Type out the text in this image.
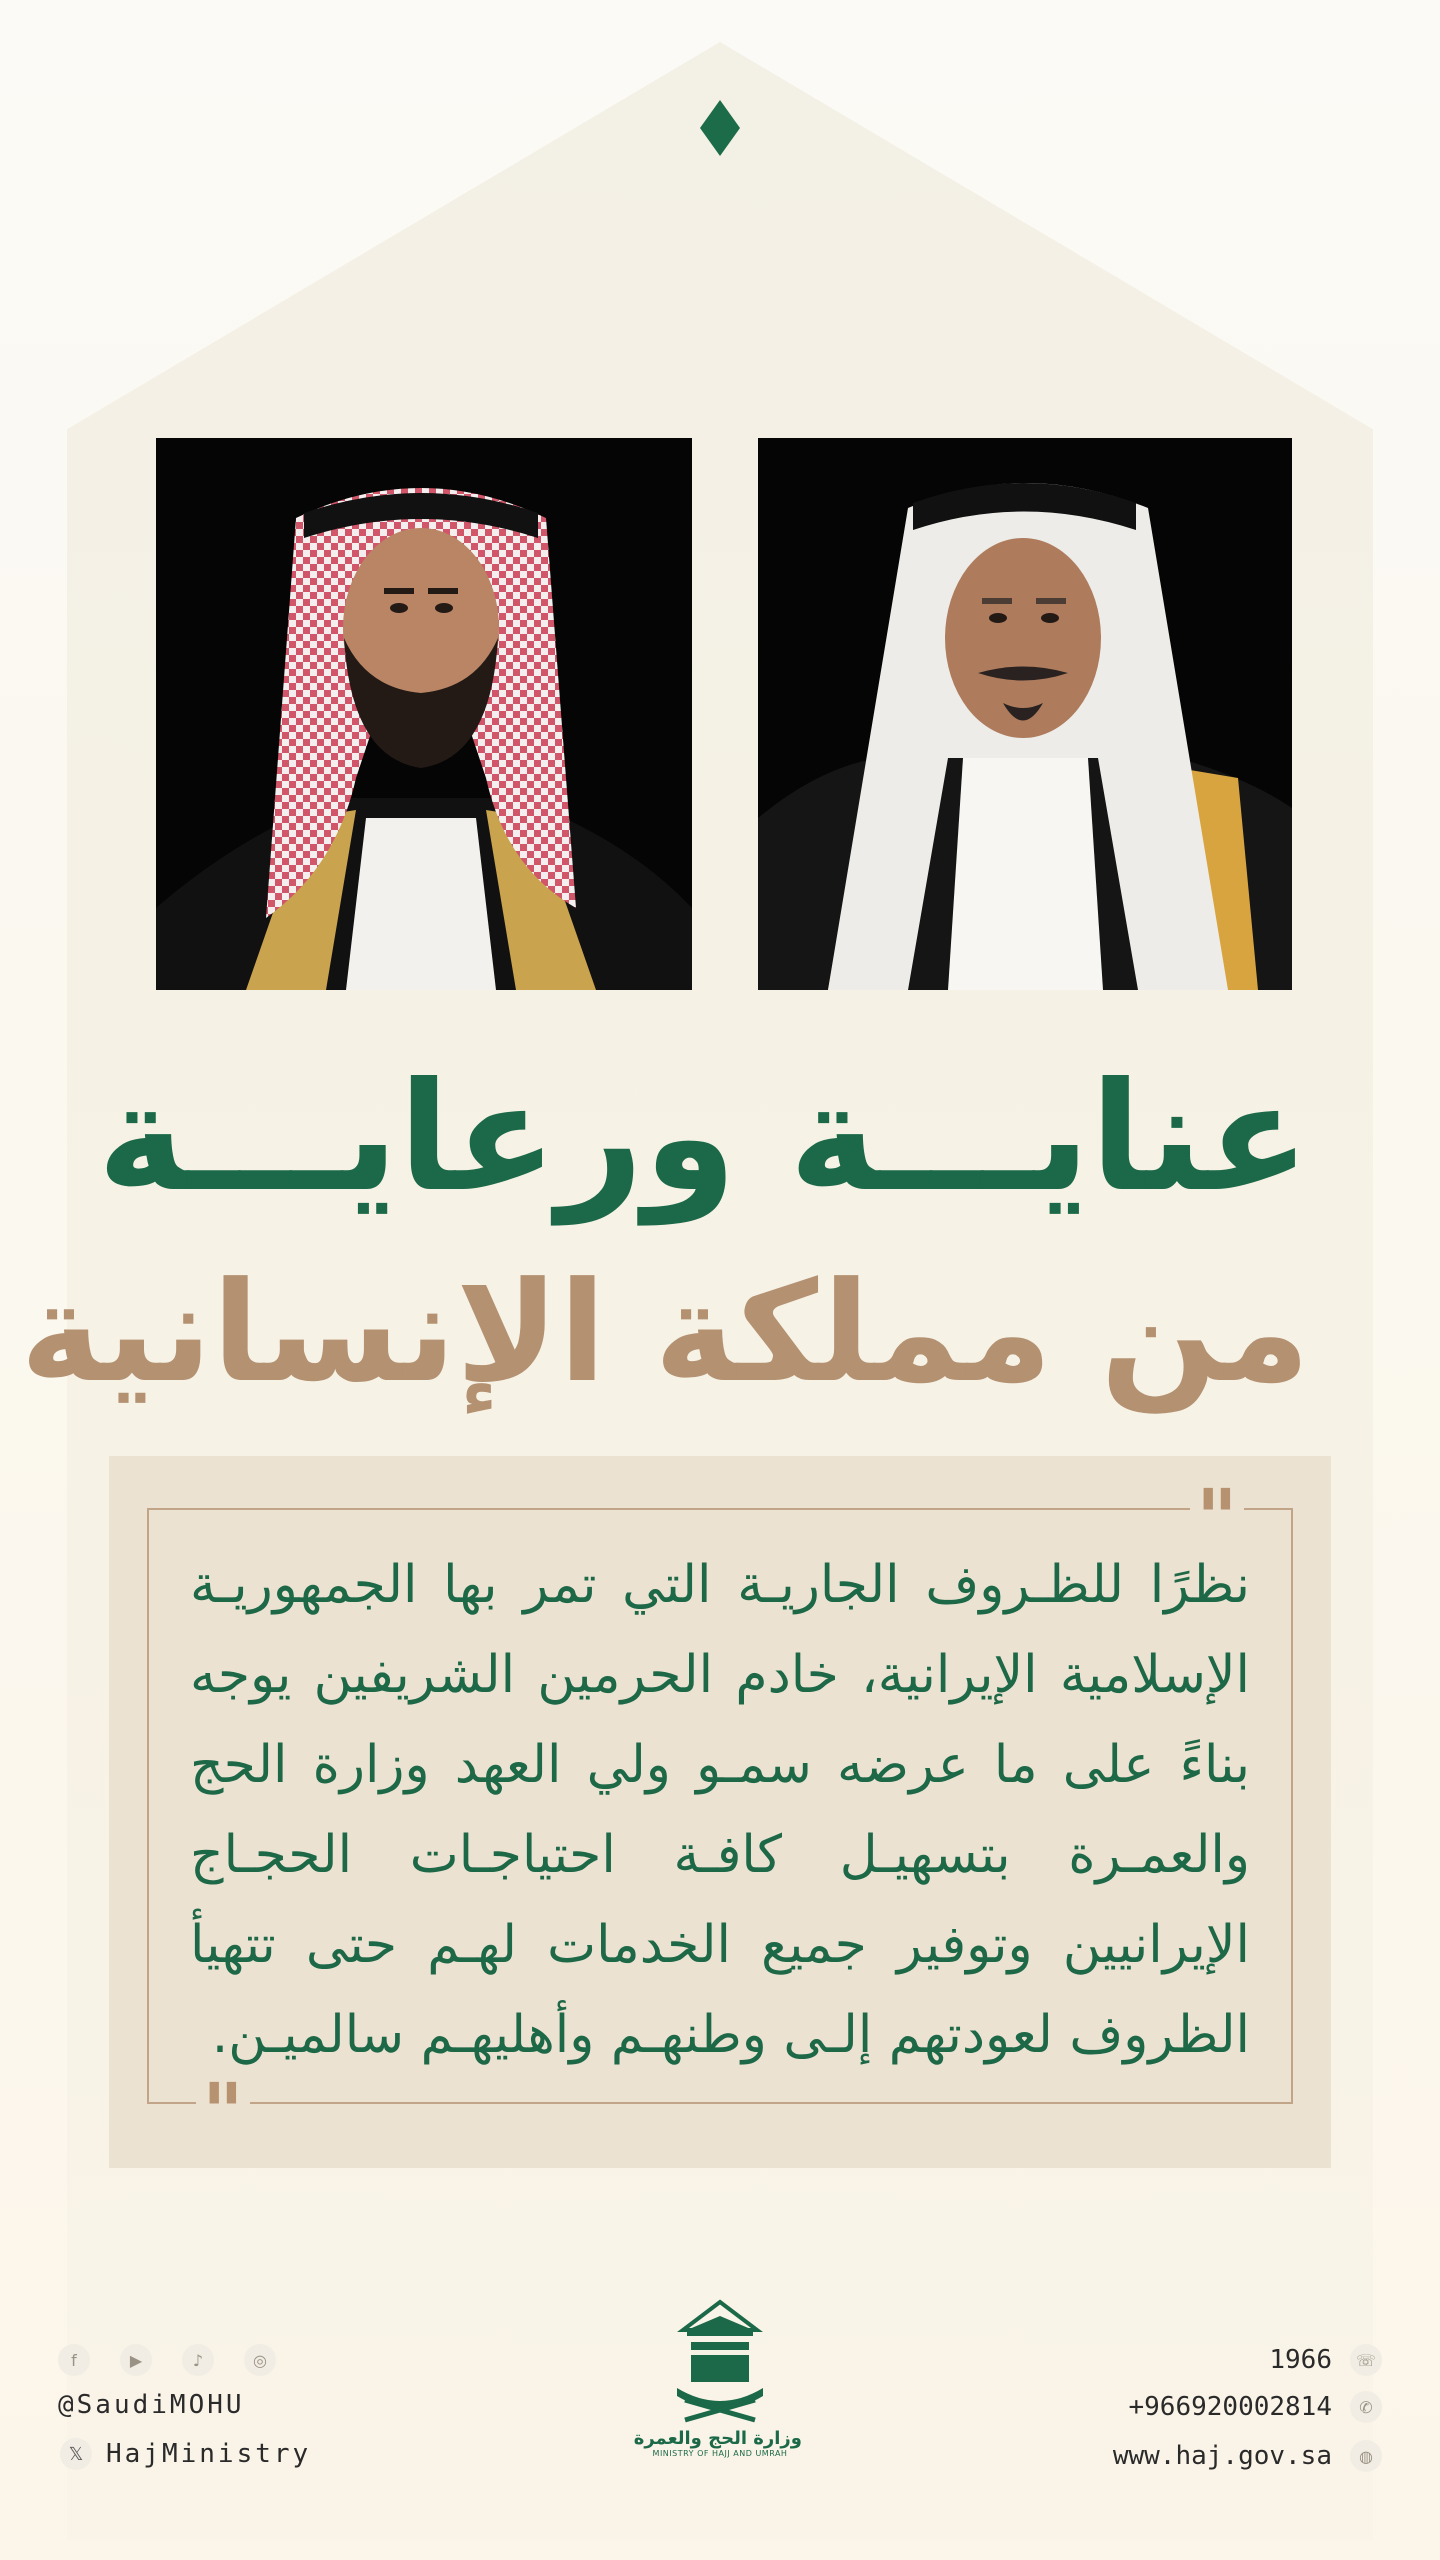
عنايـــة ورعايـــة
من مملكة الإنسانية
"
"
نظرًا للظـروف الجاريـة التي تمر بها الجمهوريـة الإسلامية الإيرانية، خادم الحرمين الشريفين يوجه بناءً على ما عرضه سمـو ولي العهد وزارة الحج والعمـرة بتسهيـل كافـة احتياجـات الحجـاج الإيرانيين وتوفير جميع الخدمات لهـم حتى تتهيأ الظروف لعودتهم إلـى وطنهـم وأهليهـم سالميـن.
f	▶	♪	◎
@SaudiMOHU
𝕏 HajMinistry
وزارة الحج والعمرة
MINISTRY OF HAJJ AND UMRAH
1966	☏
+966920002814	✆
www.haj.gov.sa	◍
